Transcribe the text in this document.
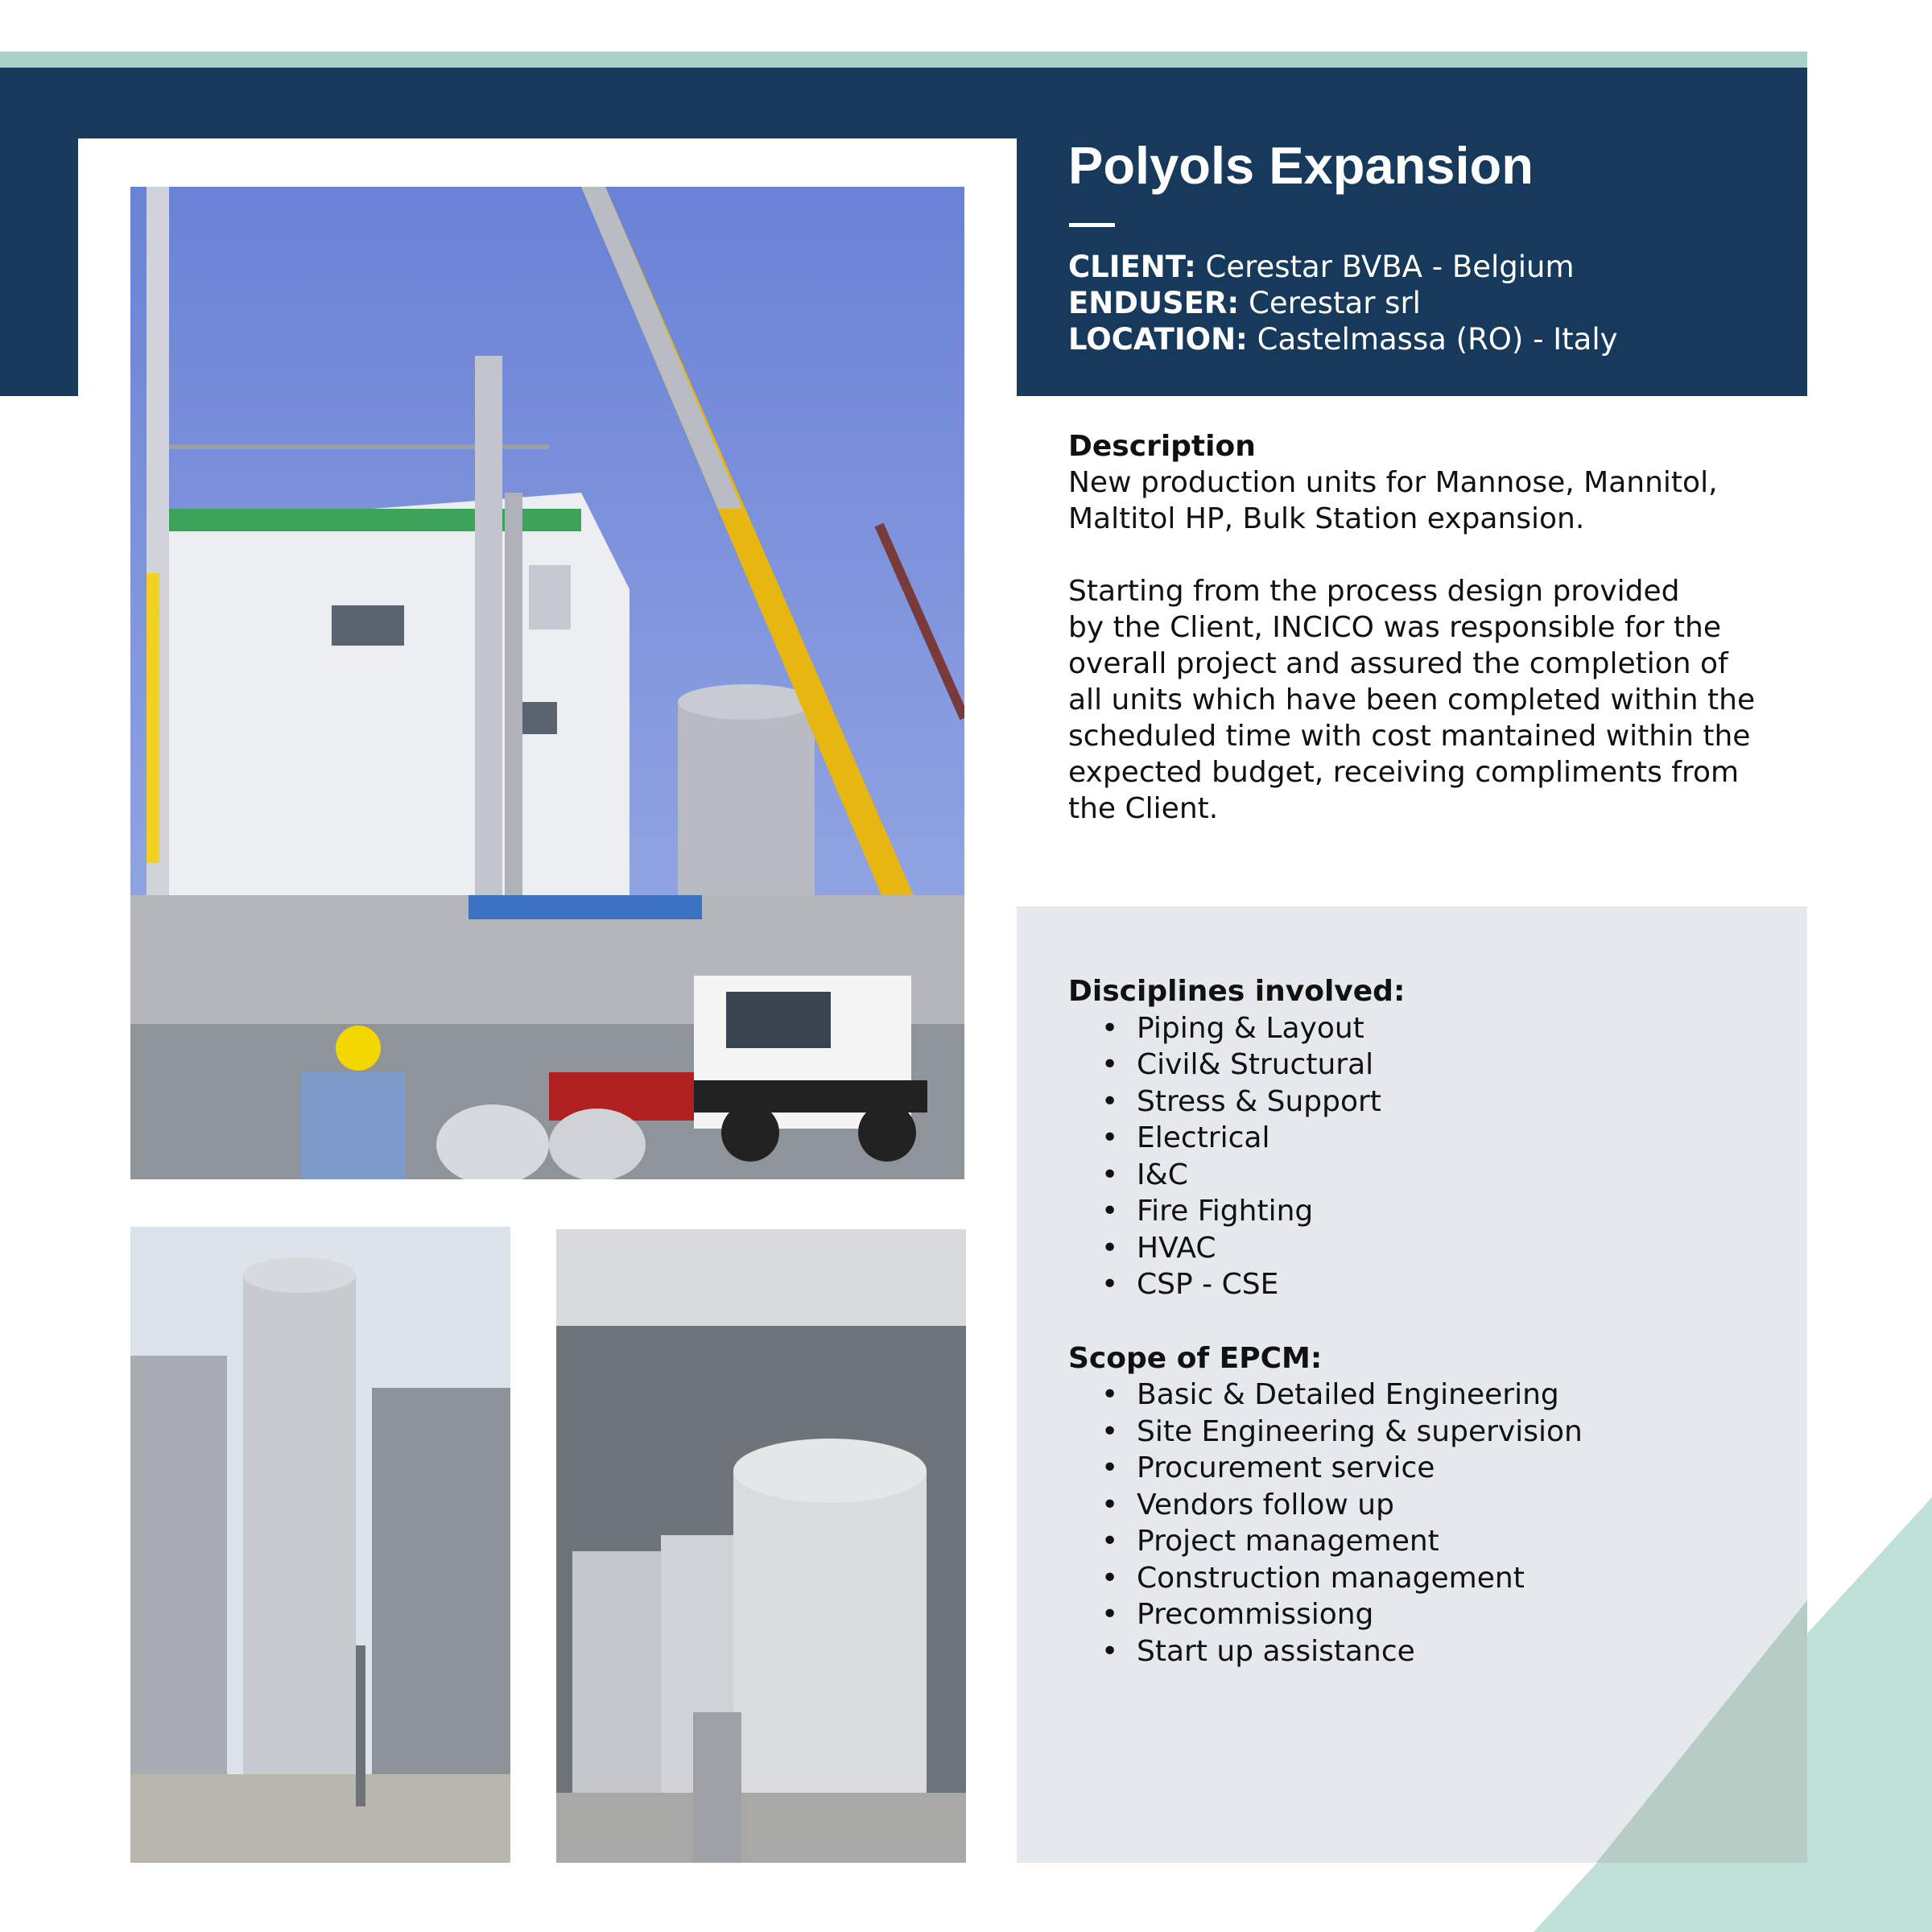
Polyols Expansion
CLIENT: Cerestar BVBA - Belgium
ENDUSER: Cerestar srl
LOCATION: Castelmassa (RO) - Italy

Description

New production units for Mannose, Mannitol,

Maltitol HP, Bulk Station expansion.

Starting from the process design provided

by the Client, INCICO was responsible for the

overall project and assured the completion of

all units which have been completed within the

scheduled time with cost mantained within the

expected budget, receiving compliments from

the Client.

Disciplines involved:
• Piping & Layout
• Civil& Structural
• Stress & Support
• Electrical
• I&C
• Fire Fighting
• HVAC
• CSP - CSE
Scope of EPCM:
• Basic & Detailed Engineering
• Site Engineering & supervision
• Procurement service
• Vendors follow up
• Project management
• Construction management
• Precommissiong
• Start up assistance
